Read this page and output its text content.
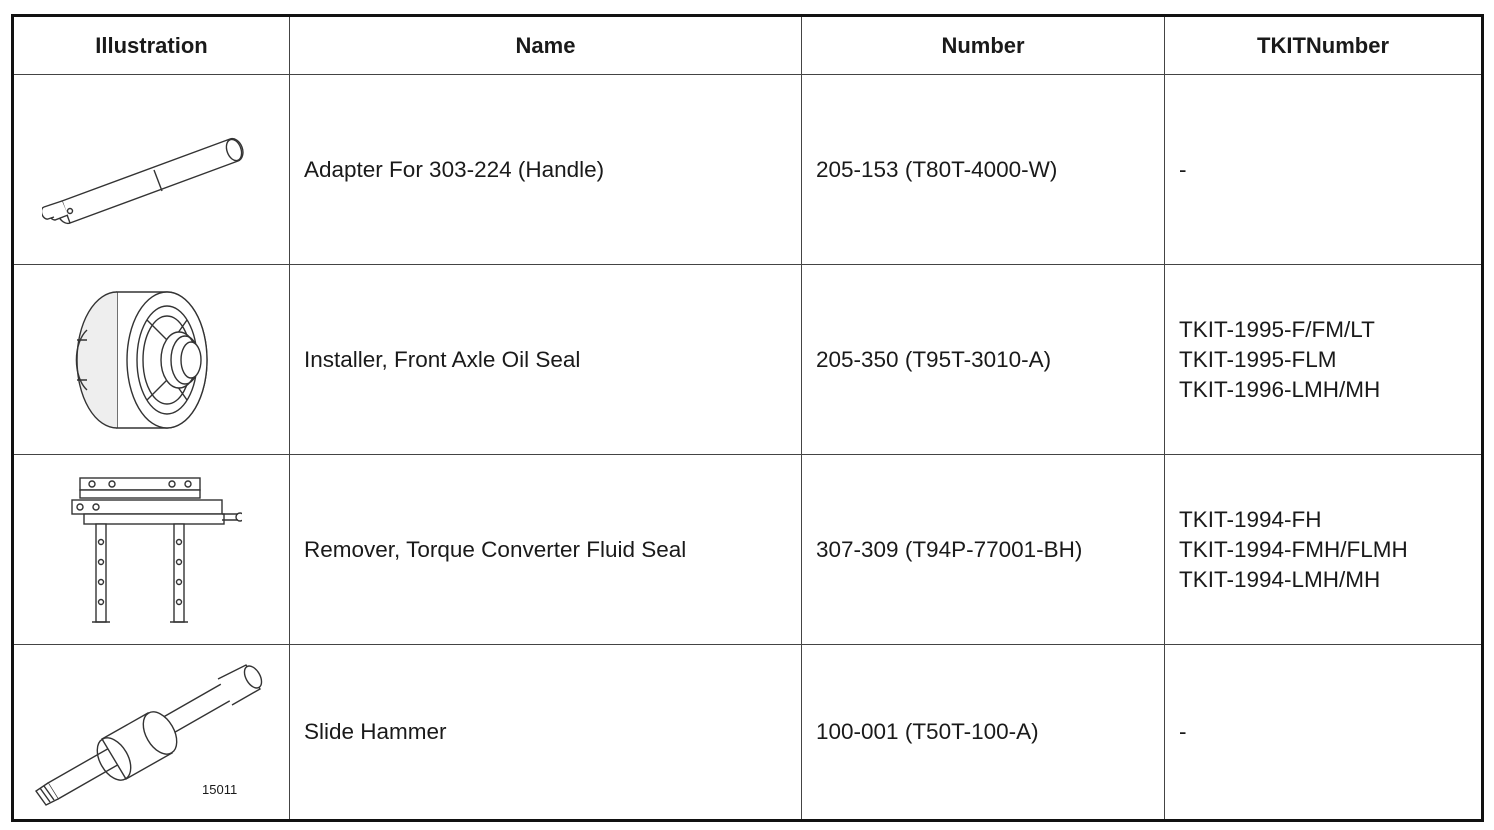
Illustration	Name	Number	TKITNumber

	Adapter For 303-224 (Handle)	205-153 (T80T-4000-W)	-

	Installer, Front Axle Oil Seal	205-350 (T95T-3010-A)	TKIT-1995-F/FM/LT
TKIT-1995-FLM
TKIT-1996-LMH/MH

	Remover, Torque Converter Fluid Seal	307-309 (T94P-77001-BH)	TKIT-1994-FH
TKIT-1994-FMH/FLMH
TKIT-1994-LMH/MH

15011	Slide Hammer	100-001 (T50T-100-A)	-
